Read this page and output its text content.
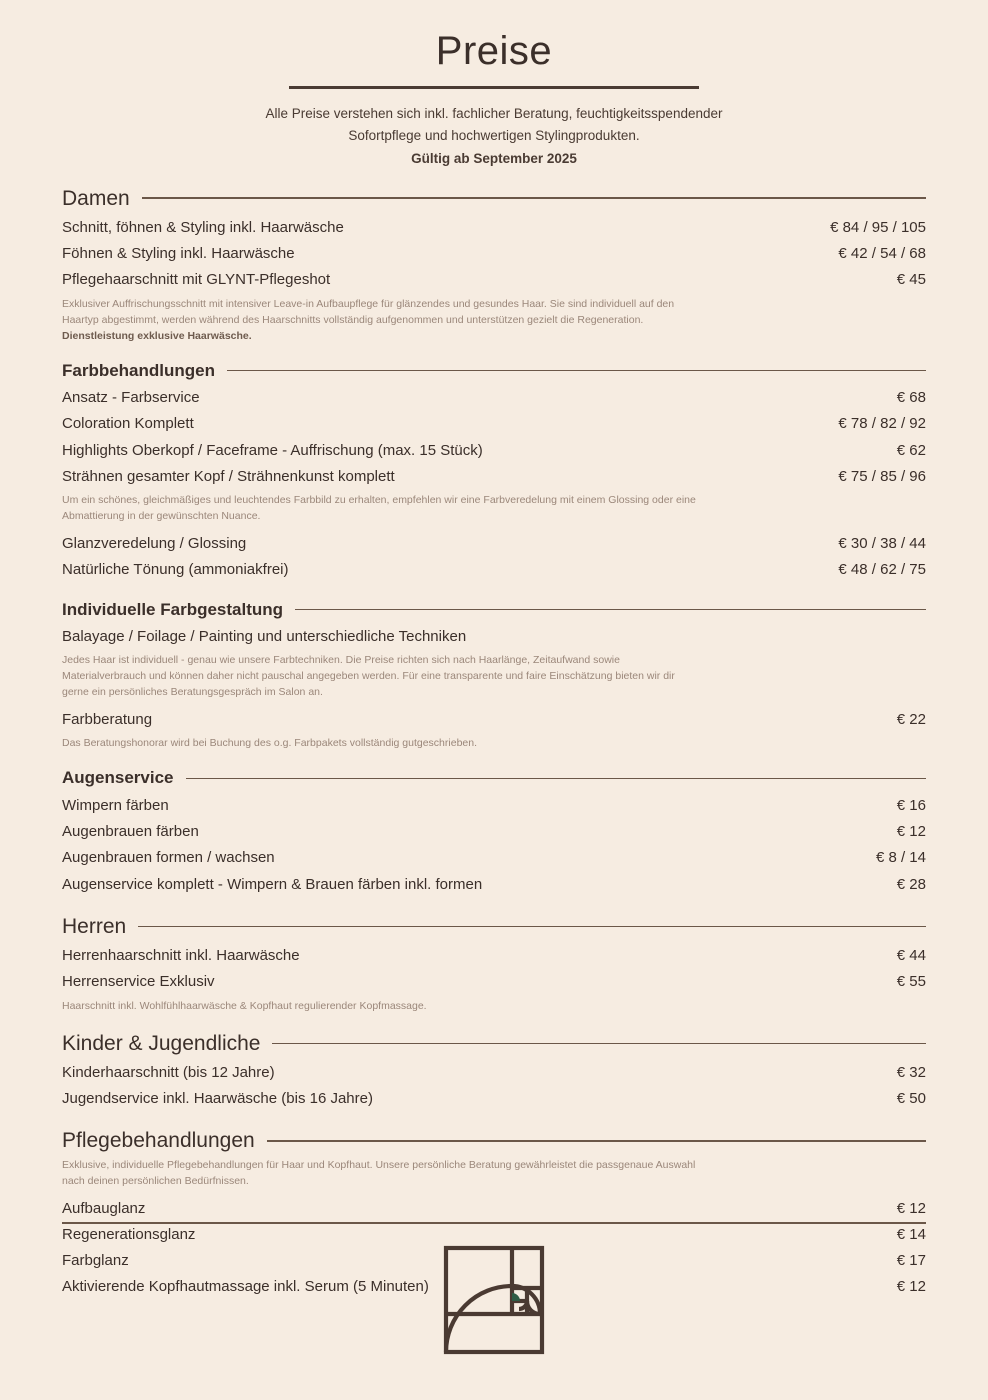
Preise
Alle Preise verstehen sich inkl. fachlicher Beratung, feuchtigkeitsspendender
Sofortpflege und hochwertigen Stylingprodukten.
Gültig ab September 2025
Damen
Schnitt, föhnen & Styling inkl. Haarwäsche	€ 84 / 95 / 105
Föhnen & Styling inkl. Haarwäsche	€ 42 / 54 / 68
Pflegehaarschnitt mit GLYNT-Pflegeshot	€ 45

Exklusiver Auffrischungsschnitt mit intensiver Leave-in Aufbaupflege für glänzendes und gesundes Haar. Sie sind individuell auf den Haartyp abgestimmt, werden während des Haarschnitts vollständig aufgenommen und unterstützen gezielt die Regeneration. Dienstleistung exklusive Haarwäsche.

Farbbehandlungen
Ansatz - Farbservice	€ 68
Coloration Komplett	€ 78 / 82 / 92
Highlights Oberkopf / Faceframe - Auffrischung (max. 15 Stück)	€ 62
Strähnen gesamter Kopf / Strähnenkunst komplett	€ 75 / 85 / 96

Um ein schönes, gleichmäßiges und leuchtendes Farbbild zu erhalten, empfehlen wir eine Farbveredelung mit einem Glossing oder eine Abmattierung in der gewünschten Nuance.

Glanzveredelung / Glossing	€ 30 / 38 / 44
Natürliche Tönung (ammoniakfrei)	€ 48 / 62 / 75
Individuelle Farbgestaltung
Balayage / Foilage / Painting und unterschiedliche Techniken

Jedes Haar ist individuell - genau wie unsere Farbtechniken. Die Preise richten sich nach Haarlänge, Zeitaufwand sowie Materialverbrauch und können daher nicht pauschal angegeben werden. Für eine transparente und faire Einschätzung bieten wir dir gerne ein persönliches Beratungsgespräch im Salon an.

Farbberatung	€ 22

Das Beratungshonorar wird bei Buchung des o.g. Farbpakets vollständig gutgeschrieben.

Augenservice
Wimpern färben	€ 16
Augenbrauen färben	€ 12
Augenbrauen formen / wachsen	€ 8 / 14
Augenservice komplett - Wimpern & Brauen färben inkl. formen	€ 28
Herren
Herrenhaarschnitt inkl. Haarwäsche	€ 44
Herrenservice Exklusiv	€ 55

Haarschnitt inkl. Wohlfühlhaarwäsche & Kopfhaut regulierender Kopfmassage.

Kinder & Jugendliche
Kinderhaarschnitt (bis 12 Jahre)	€ 32
Jugendservice inkl. Haarwäsche (bis 16 Jahre)	€ 50
Pflegebehandlungen

Exklusive, individuelle Pflegebehandlungen für Haar und Kopfhaut. Unsere persönliche Beratung gewährleistet die passgenaue Auswahl nach deinen persönlichen Bedürfnissen.

Aufbauglanz	€ 12
Regenerationsglanz	€ 14
Farbglanz	€ 17
Aktivierende Kopfhautmassage inkl. Serum (5 Minuten)	€ 12
